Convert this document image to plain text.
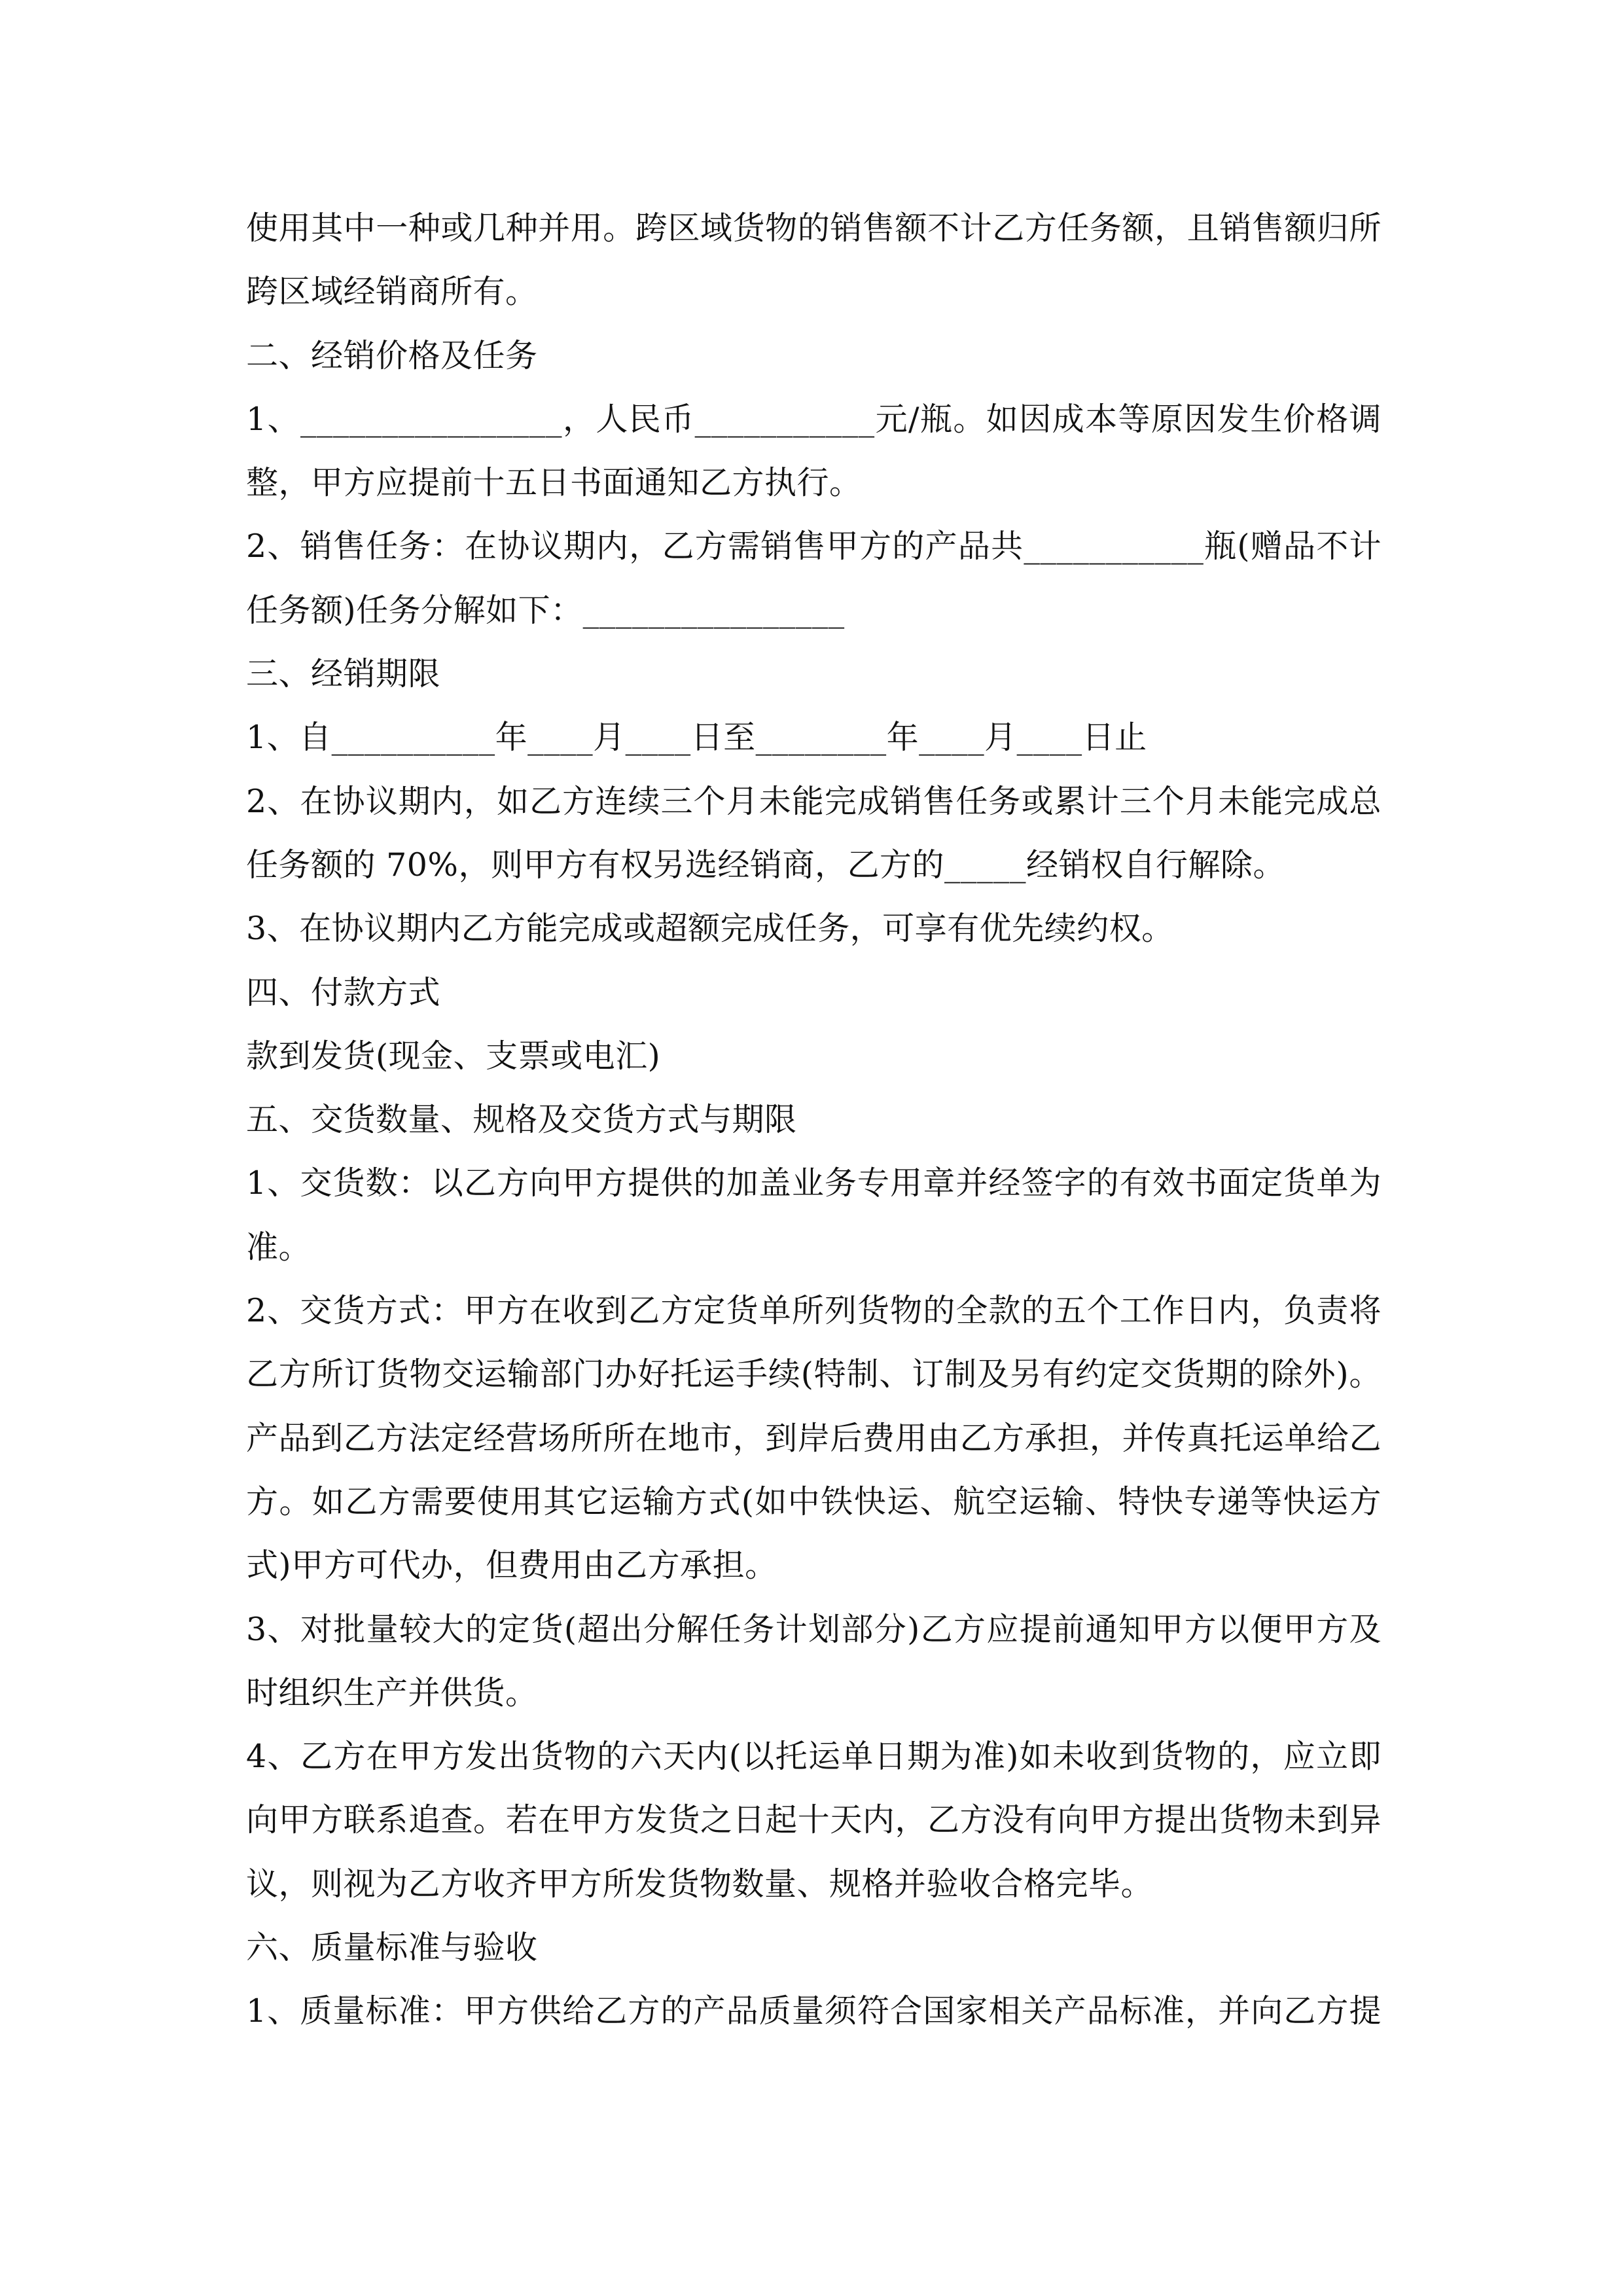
使用其中一种或几种并用。跨区域货物的销售额不计乙方任务额，且销售额归所
跨区域经销商所有。
二、经销价格及任务
1、________________，人民币___________元/瓶。如因成本等原因发生价格调
整，甲方应提前十五日书面通知乙方执行。
2、销售任务：在协议期内，乙方需销售甲方的产品共___________瓶(赠品不计
任务额)任务分解如下：________________
三、经销期限
1、自__________年____月____日至________年____月____日止
2、在协议期内，如乙方连续三个月未能完成销售任务或累计三个月未能完成总
任务额的 70%，则甲方有权另选经销商，乙方的_____经销权自行解除。
3、在协议期内乙方能完成或超额完成任务，可享有优先续约权。
四、付款方式
款到发货(现金、支票或电汇)
五、交货数量、规格及交货方式与期限
1、交货数：以乙方向甲方提供的加盖业务专用章并经签字的有效书面定货单为
准。
2、交货方式：甲方在收到乙方定货单所列货物的全款的五个工作日内，负责将
乙方所订货物交运输部门办好托运手续(特制、订制及另有约定交货期的除外)。
产品到乙方法定经营场所所在地市，到岸后费用由乙方承担，并传真托运单给乙
方。如乙方需要使用其它运输方式(如中铁快运、航空运输、特快专递等快运方
式)甲方可代办，但费用由乙方承担。
3、对批量较大的定货(超出分解任务计划部分)乙方应提前通知甲方以便甲方及
时组织生产并供货。
4、乙方在甲方发出货物的六天内(以托运单日期为准)如未收到货物的，应立即
向甲方联系追查。若在甲方发货之日起十天内，乙方没有向甲方提出货物未到异
议，则视为乙方收齐甲方所发货物数量、规格并验收合格完毕。
六、质量标准与验收
1、质量标准：甲方供给乙方的产品质量须符合国家相关产品标准，并向乙方提
